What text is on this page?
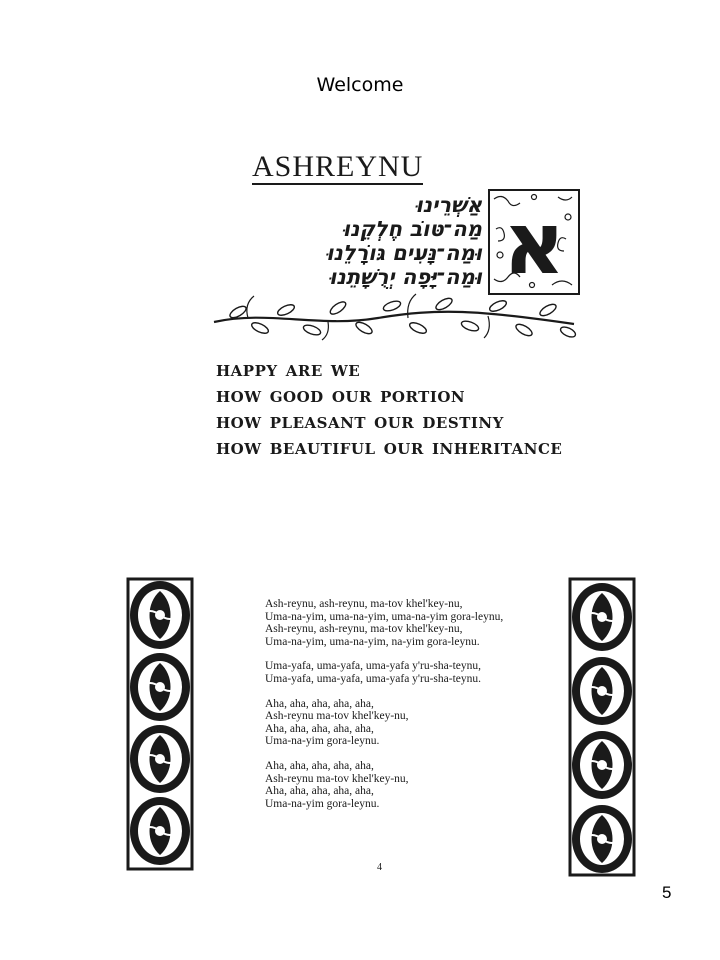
Welcome
ASHREYNU
אַשְׁרֵינוּ
מַה־טּוֹב חֶלְקֵנוּ
וּמַה־נָּעִים גּוֹרָלֵנוּ
וּמַה־יָּפָה יְרֻשָּׁתֵנוּ א
happy are we
how good our portion
how pleasant our destiny
how beautiful our inheritance
Ash-reynu, ash-reynu, ma-tov khel'key-nu,
Uma-na-yim, uma-na-yim, uma-na-yim gora-leynu,
Ash-reynu, ash-reynu, ma-tov khel'key-nu,
Uma-na-yim, uma-na-yim, na-yim gora-leynu.
Uma-yafa, uma-yafa, uma-yafa y'ru-sha-teynu,
Uma-yafa, uma-yafa, uma-yafa y'ru-sha-teynu.
Aha, aha, aha, aha, aha,
Ash-reynu ma-tov khel'key-nu,
Aha, aha, aha, aha, aha,
Uma-na-yim gora-leynu.
Aha, aha, aha, aha, aha,
Ash-reynu ma-tov khel'key-nu,
Aha, aha, aha, aha, aha,
Uma-na-yim gora-leynu.
4
5
